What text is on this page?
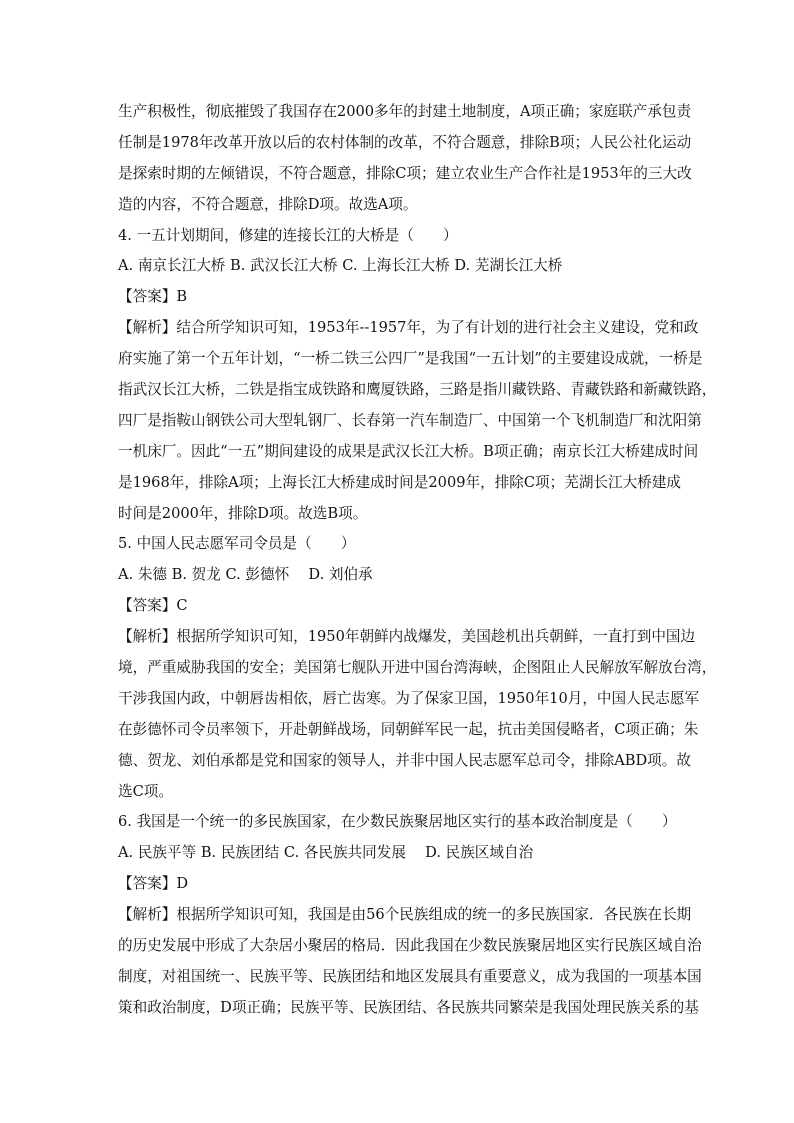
生产积极性，彻底摧毁了我国存在2000多年的封建土地制度，A项正确；家庭联产承包责
任制是1978年改革开放以后的农村体制的改革，不符合题意，排除B项；人民公社化运动
是探索时期的左倾错误，不符合题意，排除C项；建立农业生产合作社是1953年的三大改
造的内容，不符合题意，排除D项。故选A项。
4. 一五计划期间，修建的连接长江的大桥是（　　）
A. 南京长江大桥 B. 武汉长江大桥 C. 上海长江大桥 D. 芜湖长江大桥
【答案】B
【解析】结合所学知识可知，1953年--1957年，为了有计划的进行社会主义建设，党和政
府实施了第一个五年计划，“一桥二铁三公四厂”是我国“一五计划”的主要建设成就，一桥是
指武汉长江大桥，二铁是指宝成铁路和鹰厦铁路，三路是指川藏铁路、青藏铁路和新藏铁路，
四厂是指鞍山钢铁公司大型轧钢厂、长春第一汽车制造厂、中国第一个飞机制造厂和沈阳第
一机床厂。因此“一五”期间建设的成果是武汉长江大桥。B项正确；南京长江大桥建成时间
是1968年，排除A项；上海长江大桥建成时间是2009年，排除C项；芜湖长江大桥建成
时间是2000年，排除D项。故选B项。
5. 中国人民志愿军司令员是（　　）
A. 朱德 B. 贺龙 C. 彭德怀　 D. 刘伯承
【答案】C
【解析】根据所学知识可知，1950年朝鲜内战爆发，美国趁机出兵朝鲜，一直打到中国边
境，严重威胁我国的安全；美国第七舰队开进中国台湾海峡，企图阻止人民解放军解放台湾，
干涉我国内政，中朝唇齿相依，唇亡齿寒。为了保家卫国，1950年10月，中国人民志愿军
在彭德怀司令员率领下，开赴朝鲜战场，同朝鲜军民一起，抗击美国侵略者，C项正确；朱
德、贺龙、刘伯承都是党和国家的领导人，并非中国人民志愿军总司令，排除ABD项。故
选C项。
6. 我国是一个统一的多民族国家，在少数民族聚居地区实行的基本政治制度是（　　）
A. 民族平等 B. 民族团结 C. 各民族共同发展　 D. 民族区域自治
【答案】D
【解析】根据所学知识可知，我国是由56个民族组成的统一的多民族国家．各民族在长期
的历史发展中形成了大杂居小聚居的格局．因此我国在少数民族聚居地区实行民族区域自治
制度，对祖国统一、民族平等、民族团结和地区发展具有重要意义，成为我国的一项基本国
策和政治制度，D项正确；民族平等、民族团结、各民族共同繁荣是我国处理民族关系的基
